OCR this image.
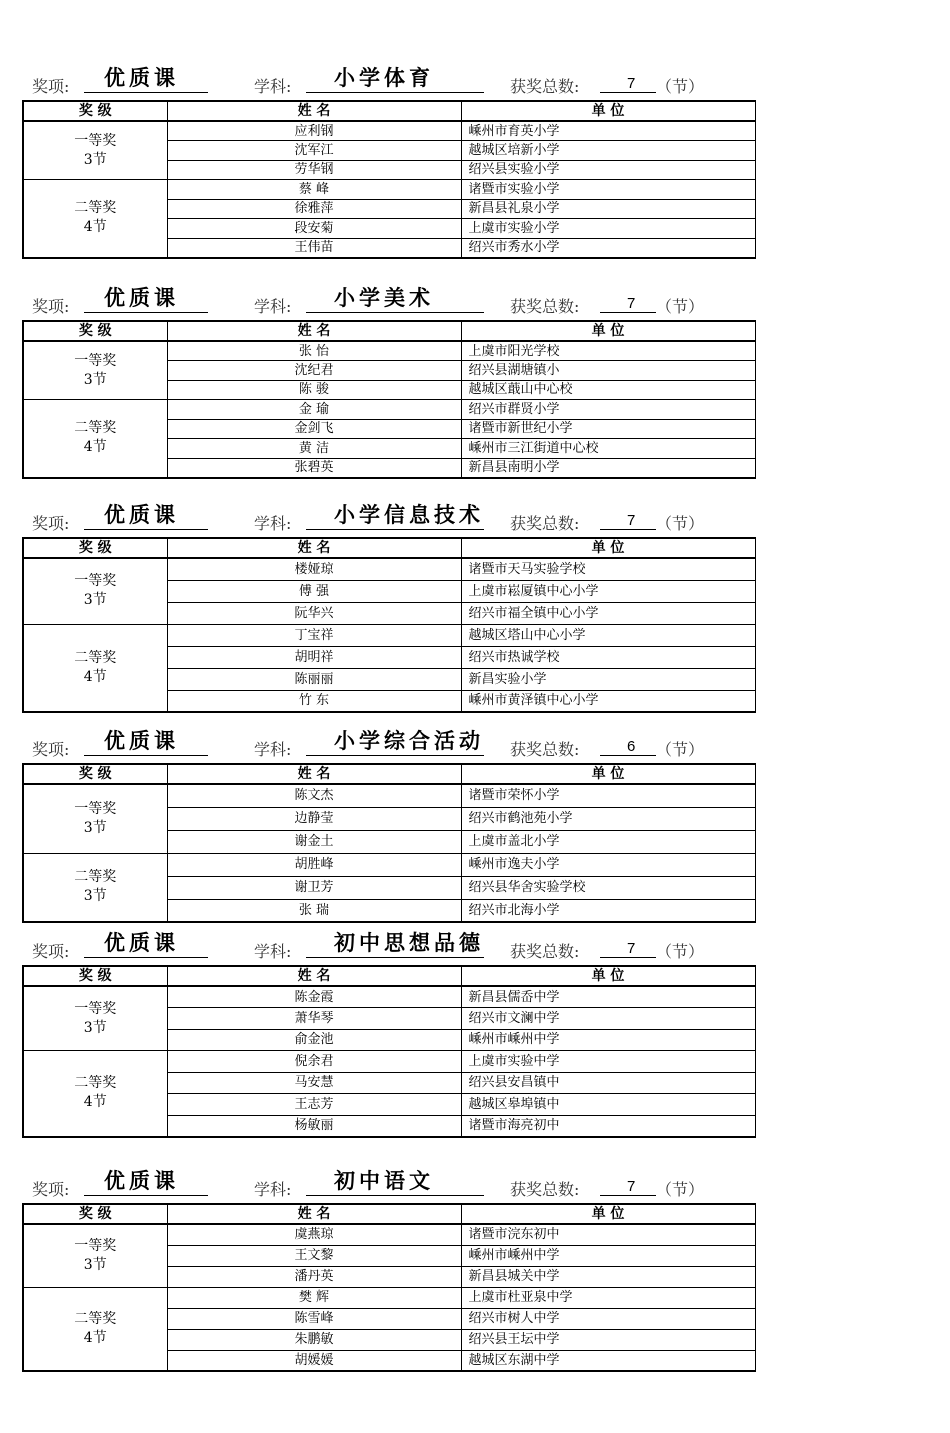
奖项: 优质课	学科: 小学体育	获奖总数:	7 （节）
奖 级	姓 名	单 位

一等奖
3节	应利钢	嵊州市育英小学
	沈军江	越城区培新小学
	劳华钢	绍兴县实验小学

二等奖
4节	蔡 峰	诸暨市实验小学
	徐雅萍	新昌县礼泉小学
	段安菊	上虞市实验小学
	王伟苗	绍兴市秀水小学
奖项: 优质课	学科: 小学美术	获奖总数:	7 （节）
奖 级	姓 名	单 位

一等奖
3节	张 怡	上虞市阳光学校
	沈纪君	绍兴县湖塘镇小
	陈 骏	越城区蕺山中心校

二等奖
4节	金 瑜	绍兴市群贤小学
	金剑飞	诸暨市新世纪小学
	黄 洁	嵊州市三江街道中心校
	张碧英	新昌县南明小学
奖项: 优质课	学科: 小学信息技术 获奖总数:	7 （节）
奖 级	姓 名	单 位

一等奖
3节	楼娅琼	诸暨市天马实验学校
	傅 强	上虞市崧厦镇中心小学
	阮华兴	绍兴市福全镇中心小学

二等奖
4节	丁宝祥	越城区塔山中心小学
	胡明祥	绍兴市热诚学校
	陈丽丽	新昌实验小学
	竹 东	嵊州市黄泽镇中心小学
奖项: 优质课	学科: 小学综合活动 获奖总数:	6 （节）
奖 级	姓 名	单 位

一等奖
3节	陈文杰	诸暨市荣怀小学
	边静莹	绍兴市鹤池苑小学
	谢金土	上虞市盖北小学

二等奖
3节	胡胜峰	嵊州市逸夫小学
	谢卫芳	绍兴县华舍实验学校
	张 瑞	绍兴市北海小学
奖项: 优质课	学科: 初中思想品德 获奖总数:	7 （节）
奖 级	姓 名	单 位

一等奖
3节	陈金霞	新昌县儒岙中学
	萧华琴	绍兴市文澜中学
	俞金池	嵊州市嵊州中学

二等奖
4节	倪余君	上虞市实验中学
	马安慧	绍兴县安昌镇中
	王志芳	越城区皋埠镇中
	杨敏丽	诸暨市海亮初中
奖项: 优质课	学科: 初中语文	获奖总数:	7 （节）
奖 级	姓 名	单 位

一等奖
3节	虞燕琼	诸暨市浣东初中
	王文黎	嵊州市嵊州中学
	潘丹英	新昌县城关中学

二等奖
4节	樊 辉	上虞市杜亚泉中学
	陈雪峰	绍兴市树人中学
	朱鹏敏	绍兴县王坛中学
	胡媛媛	越城区东湖中学
